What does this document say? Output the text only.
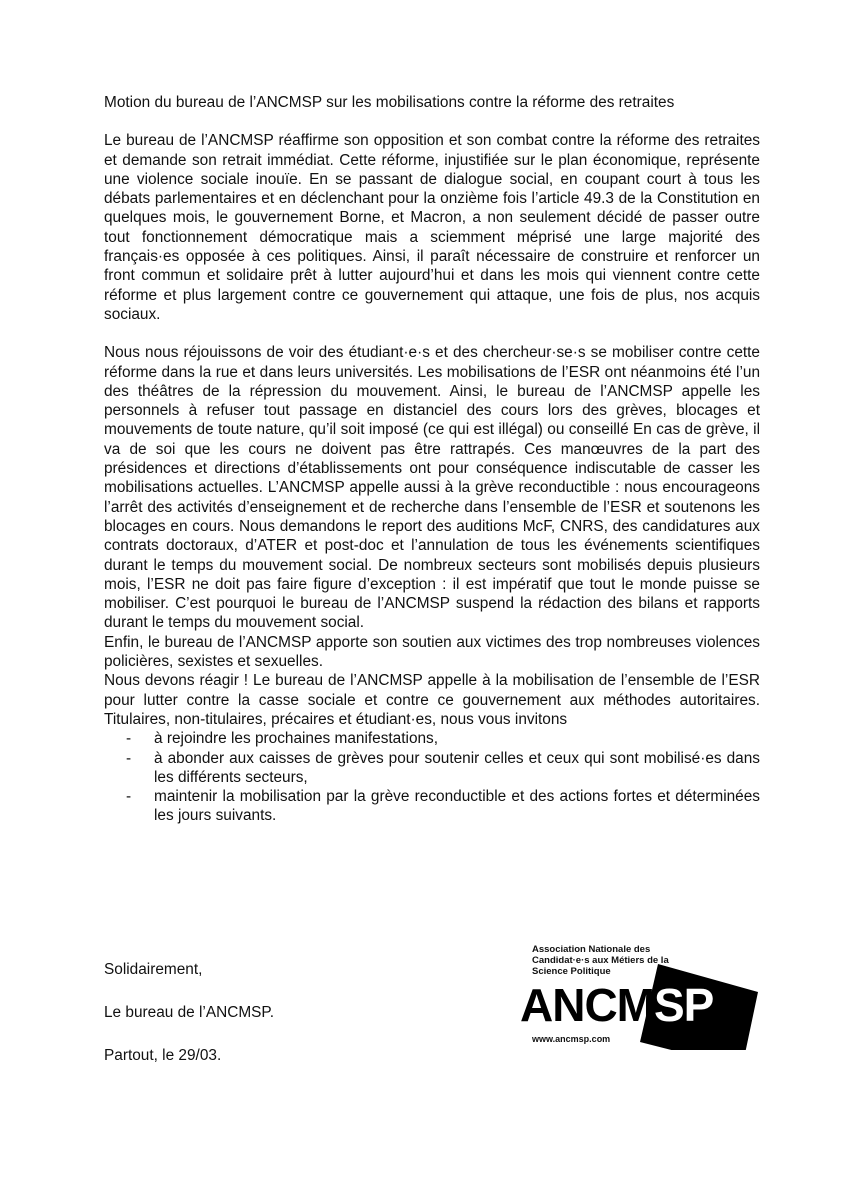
Motion du bureau de l’ANCMSP sur les mobilisations contre la réforme des retraites

Le bureau de l’ANCMSP réaffirme son opposition et son combat contre la réforme des retraites et demande son retrait immédiat. Cette réforme, injustifiée sur le plan économique, représente une violence sociale inouïe. En se passant de dialogue social, en coupant court à tous les débats parlementaires et en déclenchant pour la onzième fois l’article 49.3 de la Constitution en quelques mois, le gouvernement Borne, et Macron, a non seulement décidé de passer outre tout fonctionnement démocratique mais a sciemment méprisé une large majorité des français·es opposée à ces politiques. Ainsi, il paraît nécessaire de construire et renforcer un front commun et solidaire prêt à lutter aujourd’hui et dans les mois qui viennent contre cette réforme et plus largement contre ce gouvernement qui attaque, une fois de plus, nos acquis sociaux.

Nous nous réjouissons de voir des étudiant·e·s et des chercheur·se·s se mobiliser contre cette réforme dans la rue et dans leurs universités. Les mobilisations de l’ESR ont néanmoins été l’un des théâtres de la répression du mouvement. Ainsi, le bureau de l’ANCMSP appelle les personnels à refuser tout passage en distanciel des cours lors des grèves, blocages et mouvements de toute nature, qu’il soit imposé (ce qui est illégal) ou conseillé En cas de grève, il va de soi que les cours ne doivent pas être rattrapés. Ces manœuvres de la part des présidences et directions d’établissements ont pour conséquence indiscutable de casser les mobilisations actuelles. L’ANCMSP appelle aussi à la grève reconductible : nous encourageons l’arrêt des activités d’enseignement et de recherche dans l’ensemble de l’ESR et soutenons les blocages en cours. Nous demandons le report des auditions McF, CNRS, des candidatures aux contrats doctoraux, d’ATER et post-doc et l’annulation de tous les événements scientifiques durant le temps du mouvement social. De nombreux secteurs sont mobilisés depuis plusieurs mois, l’ESR ne doit pas faire figure d’exception : il est impératif que tout le monde puisse se mobiliser. C’est pourquoi le bureau de l’ANCMSP suspend la rédaction des bilans et rapports durant le temps du mouvement social.

Enfin, le bureau de l’ANCMSP apporte son soutien aux victimes des trop nombreuses violences policières, sexistes et sexuelles.

Nous devons réagir ! Le bureau de l’ANCMSP appelle à la mobilisation de l’ensemble de l’ESR pour lutter contre la casse sociale et contre ce gouvernement aux méthodes autoritaires. Titulaires, non-titulaires, précaires et étudiant·es, nous vous invitons

- à rejoindre les prochaines manifestations,
- à abonder aux caisses de grèves pour soutenir celles et ceux qui sont mobilisé·es dans les différents secteurs,
- maintenir la mobilisation par la grève reconductible et des actions fortes et déterminées les jours suivants.
Solidairement,
Le bureau de l’ANCMSP.
Partout, le 29/03.
Association Nationale des Candidat·e·s aux Métiers de la Science Politique
ANCMSP
www.ancmsp.com
